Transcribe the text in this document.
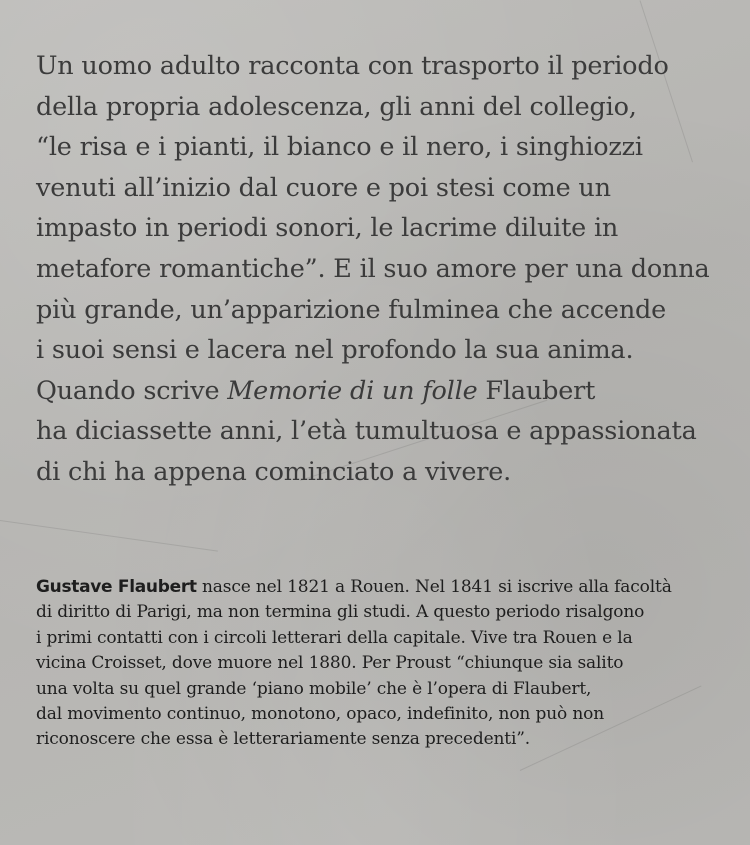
Un uomo adulto racconta con trasporto il periodo
della propria adolescenza, gli anni del collegio,
“le risa e i pianti, il bianco e il nero, i singhiozzi
venuti all’inizio dal cuore e poi stesi come un
impasto in periodi sonori, le lacrime diluite in
metafore romantiche”. E il suo amore per una donna
più grande, un’apparizione fulminea che accende
i suoi sensi e lacera nel profondo la sua anima.
Quando scrive Memorie di un folle Flaubert
ha diciassette anni, l’età tumultuosa e appassionata
di chi ha appena cominciato a vivere.

Gustave Flaubert nasce nel 1821 a Rouen. Nel 1841 si iscrive alla facoltà
di diritto di Parigi, ma non termina gli studi. A questo periodo risalgono
i primi contatti con i circoli letterari della capitale. Vive tra Rouen e la
vicina Croisset, dove muore nel 1880. Per Proust “chiunque sia salito
una volta su quel grande ‘piano mobile’ che è l’opera di Flaubert,
dal movimento continuo, monotono, opaco, indefinito, non può non
riconoscere che essa è letterariamente senza precedenti”.
